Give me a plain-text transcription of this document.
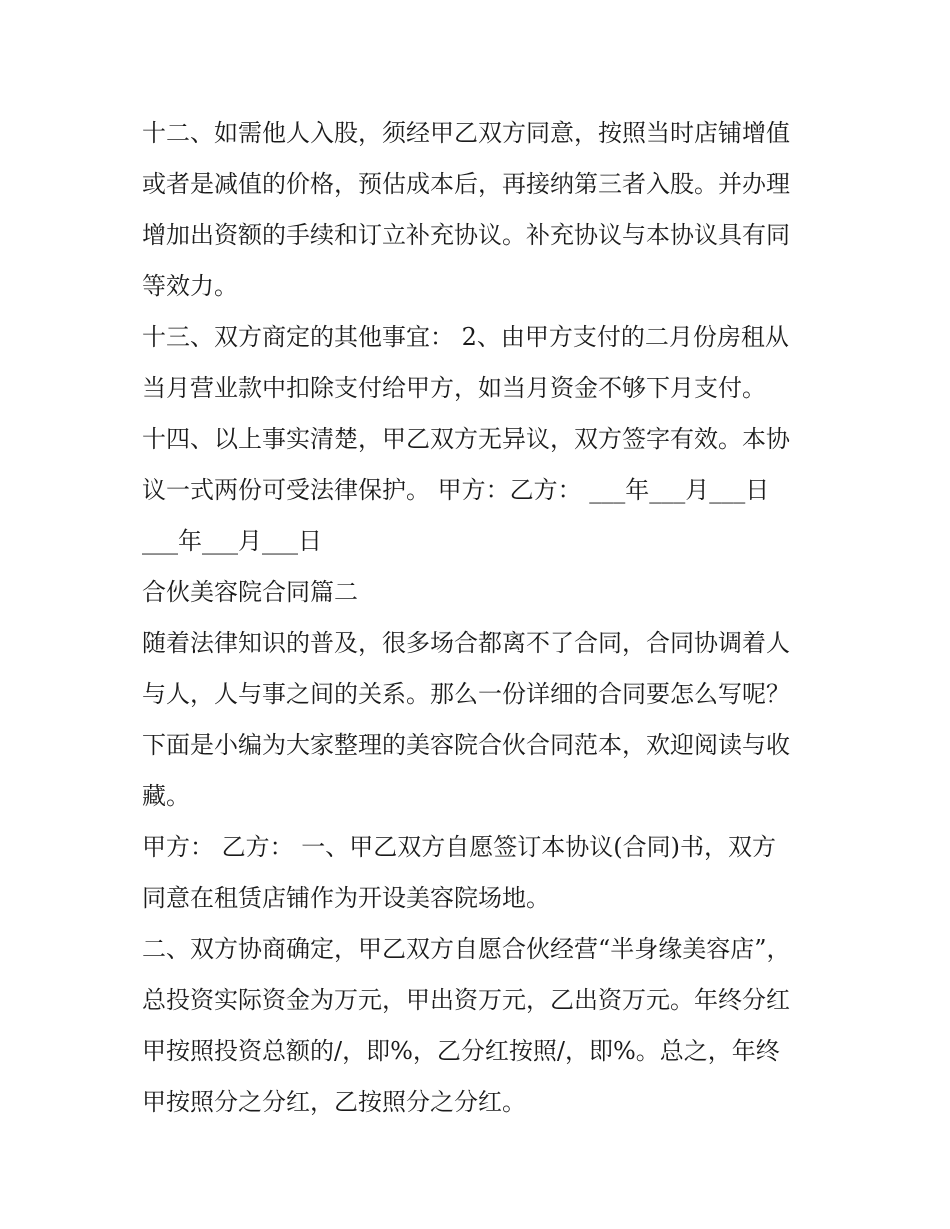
十二、如需他人入股，须经甲乙双方同意，按照当时店铺增值
或者是减值的价格，预估成本后，再接纳第三者入股。并办理
增加出资额的手续和订立补充协议。补充协议与本协议具有同
等效力。
十三、双方商定的其他事宜： 2、由甲方支付的二月份房租从
当月营业款中扣除支付给甲方，如当月资金不够下月支付。
十四、以上事实清楚，甲乙双方无异议，双方签字有效。本协
议一式两份可受法律保护。 甲方：乙方： ___年___月___日
___年___月___日
合伙美容院合同篇二
随着法律知识的普及，很多场合都离不了合同，合同协调着人
与人，人与事之间的关系。那么一份详细的合同要怎么写呢？
下面是小编为大家整理的美容院合伙合同范本，欢迎阅读与收
藏。
甲方： 乙方： 一、甲乙双方自愿签订本协议(合同)书，双方
同意在租赁店铺作为开设美容院场地。
二、双方协商确定，甲乙双方自愿合伙经营“半身缘美容店”，
总投资实际资金为万元，甲出资万元，乙出资万元。年终分红
甲按照投资总额的/，即%，乙分红按照/，即%。总之，年终
甲按照分之分红，乙按照分之分红。
